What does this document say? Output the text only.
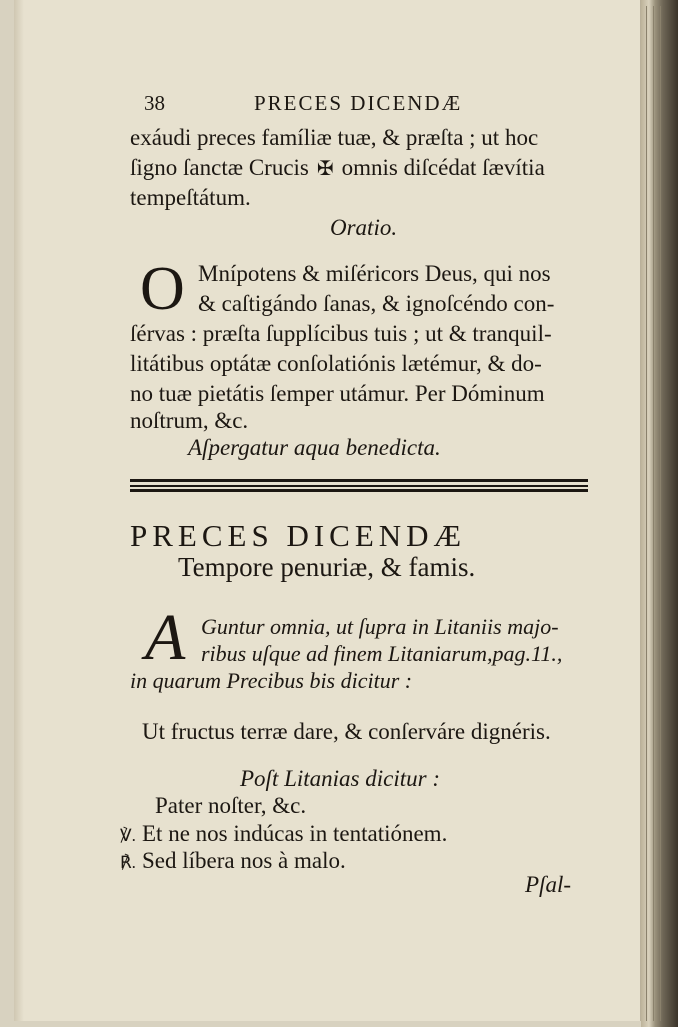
38	PRECES DICENDÆ
exáudi preces famíliæ tuæ, & præſta ; ut hoc
ſigno ſanctæ Crucis ✠ omnis diſcédat ſævítia
tempeſtátum.
Oratio.
O Mnípotens & miſéricors Deus, qui nos
& caſtigándo ſanas, & ignoſcéndo con-
ſérvas : præſta ſupplícibus tuis ; ut & tranquil-
litátibus optátæ conſolatiónis lætémur, & do-
no tuæ pietátis ſemper utámur. Per Dóminum
noſtrum, &c.
Aſpergatur aqua benedicta.
PRECES DICENDÆ
Tempore penuriæ, & famis.
A Guntur omnia, ut ſupra in Litaniis majo-
ribus uſque ad finem Litaniarum,pag.11.,
in quarum Precibus bis dicitur :
Ut fructus terræ dare, & conſerváre dignéris.
Poſt Litanias dicitur :
Pater noſter, &c.
℣. Et ne nos indúcas in tentatiónem.
℟. Sed líbera nos à malo.
Pſal-
